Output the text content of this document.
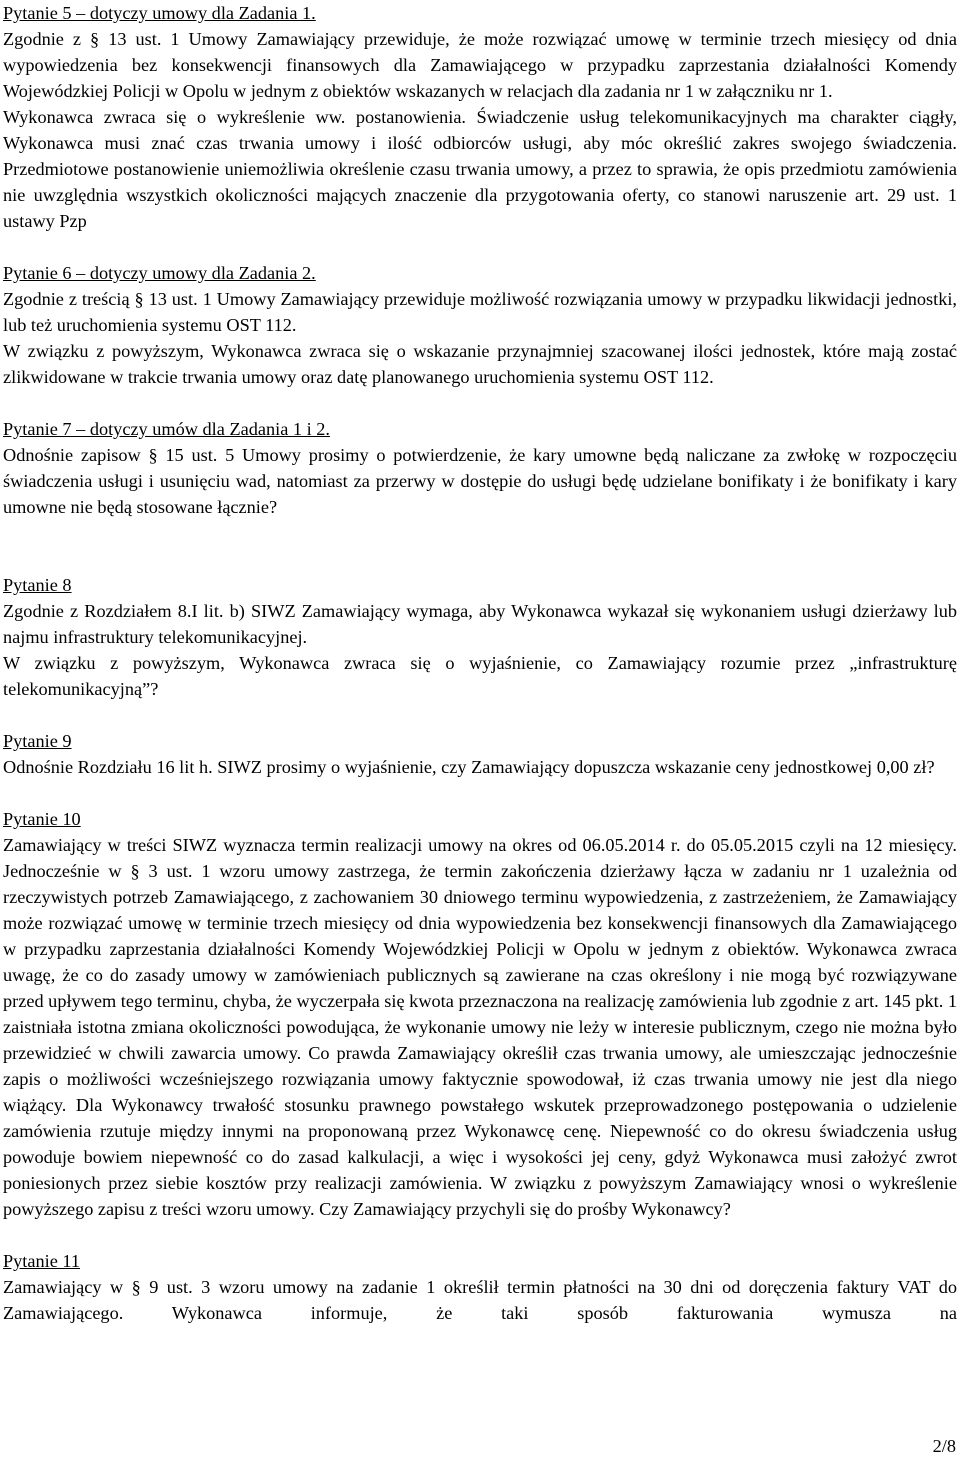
Pytanie 5 – dotyczy umowy dla Zadania 1.

Zgodnie z § 13 ust. 1 Umowy Zamawiający przewiduje, że może rozwiązać umowę w terminie trzech miesięcy od dnia wypowiedzenia bez konsekwencji finansowych dla Zamawiającego w przypadku zaprzestania działalności Komendy Wojewódzkiej Policji w Opolu w jednym z obiektów wskazanych w relacjach dla zadania nr 1 w załączniku nr 1.

Wykonawca zwraca się o wykreślenie ww. postanowienia. Świadczenie usług telekomunikacyjnych ma charakter ciągły, Wykonawca musi znać czas trwania umowy i ilość odbiorców usługi, aby móc określić zakres swojego świadczenia. Przedmiotowe postanowienie uniemożliwia określenie czasu trwania umowy, a przez to sprawia, że opis przedmiotu zamówienia nie uwzględnia wszystkich okoliczności mających znaczenie dla przygotowania oferty, co stanowi naruszenie art. 29 ust. 1 ustawy Pzp

Pytanie 6 – dotyczy umowy dla Zadania 2.

Zgodnie z treścią § 13 ust. 1 Umowy Zamawiający przewiduje możliwość rozwiązania umowy w przypadku likwidacji jednostki, lub też uruchomienia systemu OST 112.

W związku z powyższym, Wykonawca zwraca się o wskazanie przynajmniej szacowanej ilości jednostek, które mają zostać zlikwidowane w trakcie trwania umowy oraz datę planowanego uruchomienia systemu OST 112.

Pytanie 7 – dotyczy umów dla Zadania 1 i 2.

Odnośnie zapisow § 15 ust. 5 Umowy prosimy o potwierdzenie, że kary umowne będą naliczane za zwłokę w rozpoczęciu świadczenia usługi i usunięciu wad, natomiast za przerwy w dostępie do usługi będę udzielane bonifikaty i że bonifikaty i kary umowne nie będą stosowane łącznie?

Pytanie 8

Zgodnie z Rozdziałem 8.I lit. b) SIWZ Zamawiający wymaga, aby Wykonawca wykazał się wykonaniem usługi dzierżawy lub najmu infrastruktury telekomunikacyjnej.

W związku z powyższym, Wykonawca zwraca się o wyjaśnienie, co Zamawiający rozumie przez „infrastrukturę telekomunikacyjną”?

Pytanie 9

Odnośnie Rozdziału 16 lit h. SIWZ prosimy o wyjaśnienie, czy Zamawiający dopuszcza wskazanie ceny jednostkowej 0,00 zł?

Pytanie 10

Zamawiający w treści SIWZ wyznacza termin realizacji umowy na okres od 06.05.2014 r. do 05.05.2015 czyli na 12 miesięcy. Jednocześnie w § 3 ust. 1 wzoru umowy zastrzega, że termin zakończenia dzierżawy łącza w zadaniu nr 1 uzależnia od rzeczywistych potrzeb Zamawiającego, z zachowaniem 30 dniowego terminu wypowiedzenia, z zastrzeżeniem, że Zamawiający może rozwiązać umowę w terminie trzech miesięcy od dnia wypowiedzenia bez konsekwencji finansowych dla Zamawiającego w przypadku zaprzestania działalności Komendy Wojewódzkiej Policji w Opolu w jednym z obiektów. Wykonawca zwraca uwagę, że co do zasady umowy w zamówieniach publicznych są zawierane na czas określony i nie mogą być rozwiązywane przed upływem tego terminu, chyba, że wyczerpała się kwota przeznaczona na realizację zamówienia lub zgodnie z art. 145 pkt. 1 zaistniała istotna zmiana okoliczności powodująca, że wykonanie umowy nie leży w interesie publicznym, czego nie można było przewidzieć w chwili zawarcia umowy. Co prawda Zamawiający określił czas trwania umowy, ale umieszczając jednocześnie zapis o możliwości wcześniejszego rozwiązania umowy faktycznie spowodował, iż czas trwania umowy nie jest dla niego wiążący. Dla Wykonawcy trwałość stosunku prawnego powstałego wskutek przeprowadzonego postępowania o udzielenie zamówienia rzutuje między innymi na proponowaną przez Wykonawcę cenę. Niepewność co do okresu świadczenia usług powoduje bowiem niepewność co do zasad kalkulacji, a więc i wysokości jej ceny, gdyż Wykonawca musi założyć zwrot poniesionych przez siebie kosztów przy realizacji zamówienia. W związku z powyższym Zamawiający wnosi o wykreślenie powyższego zapisu z treści wzoru umowy. Czy Zamawiający przychyli się do prośby Wykonawcy?

Pytanie 11

Zamawiający w § 9 ust. 3 wzoru umowy na zadanie 1 określił termin płatności na 30 dni od doręczenia faktury VAT do Zamawiającego. Wykonawca informuje, że taki sposób fakturowania wymusza na

2/8
